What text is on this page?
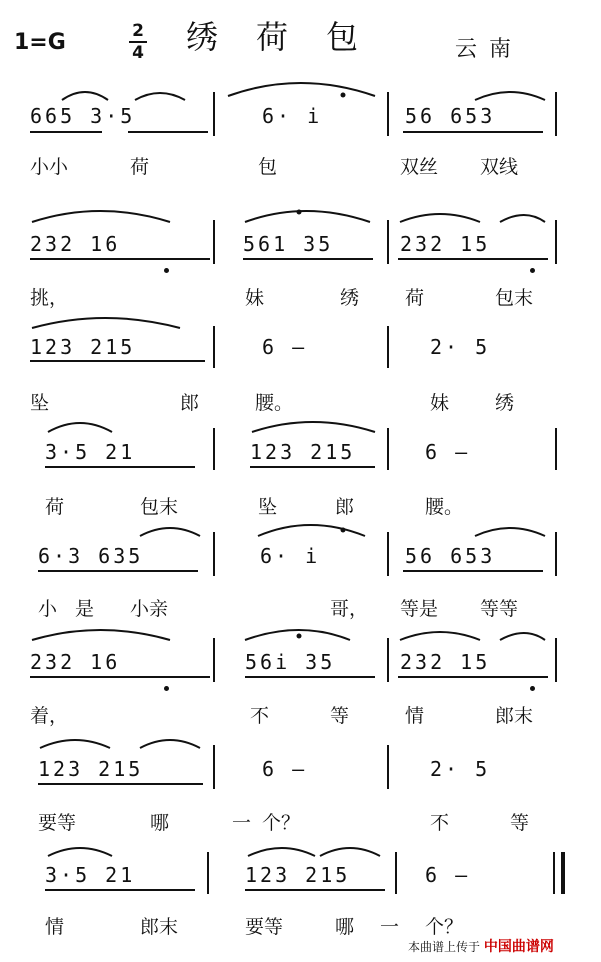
1=G	2
4 绣荷包	云南
665 3·5	6· i	56 653
小小	荷	包	双丝 双线
232 16	561 35	232 15
挑，	妹	绣 荷	包末
123 215	6 —	2· 5
坠	郎	腰。	妹 绣
3·5 21	123 215	6 —
荷	包末	坠	郎	腰。
6·3 635	6· i	56 653
小 是 小亲	哥， 等是 等等
232 16	56i 35	232 15
着，	不	等	情	郎末
123 215	6 —	2· 5
要等	哪	一 个？	不	等
3·5 21	123 215	6 —
情	郎末	要等	哪 一 个？
本曲谱上传于 中国曲谱网
